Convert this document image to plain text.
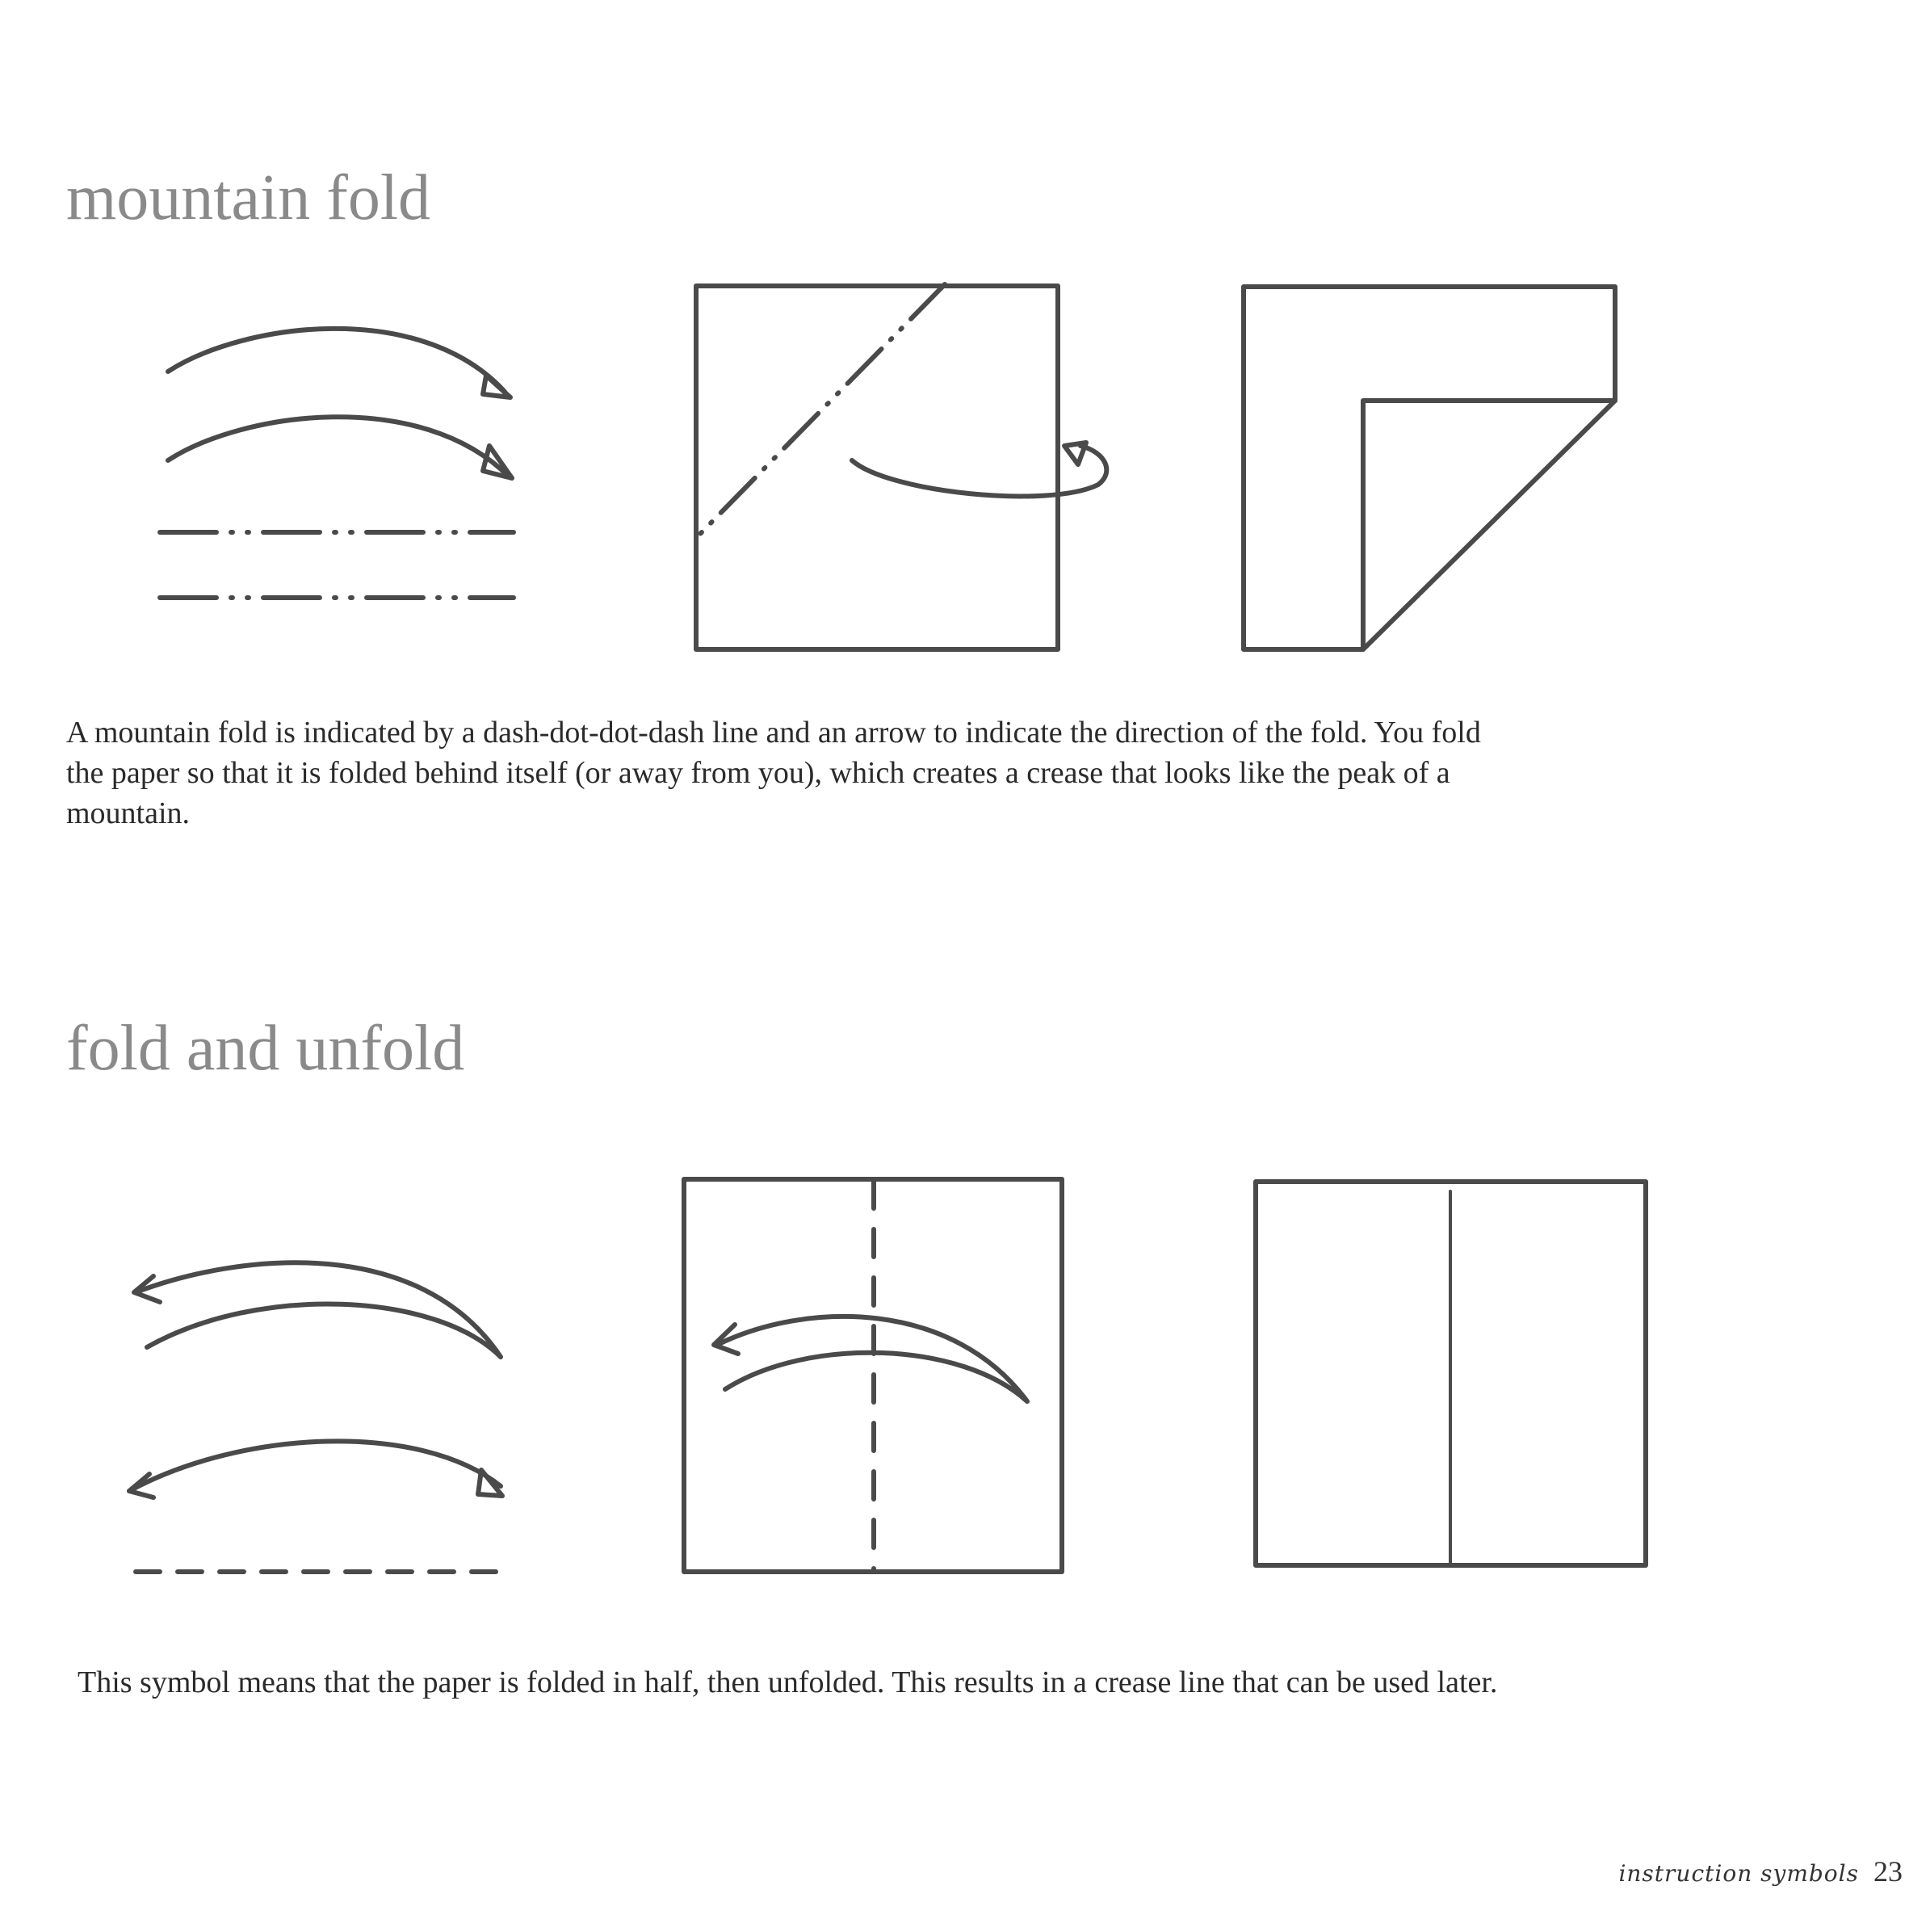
mountain fold

A mountain fold is indicated by a dash-dot-dot-dash line and an arrow to indicate the direction of the fold. You fold the paper so that it is folded behind itself (or away from you), which creates a crease that looks like the peak of a mountain.

fold and unfold

This symbol means that the paper is folded in half, then unfolded. This results in a crease line that can be used later.

instruction symbols 23
